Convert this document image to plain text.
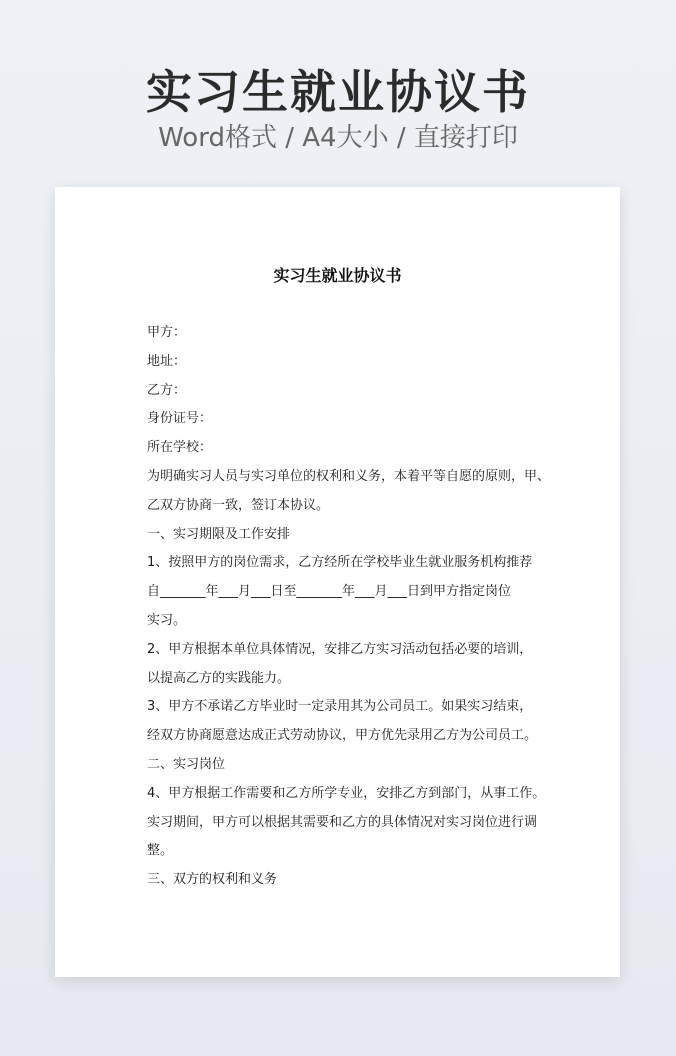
实习生就业协议书
Word格式 / A4大小 / 直接打印
实习生就业协议书
甲方：
地址：
乙方：
身份证号：
所在学校：
为明确实习人员与实习单位的权利和义务，本着平等自愿的原则，甲、
乙双方协商一致，签订本协议。
一、实习期限及工作安排
1、按照甲方的岗位需求，乙方经所在学校毕业生就业服务机构推荐
自_______年___月___日至_______年___月___日到甲方指定岗位
实习。
2、甲方根据本单位具体情况，安排乙方实习活动包括必要的培训，
以提高乙方的实践能力。
3、甲方不承诺乙方毕业时一定录用其为公司员工。如果实习结束，
经双方协商愿意达成正式劳动协议，甲方优先录用乙方为公司员工。
二、实习岗位
4、甲方根据工作需要和乙方所学专业，安排乙方到部门，从事工作。
实习期间，甲方可以根据其需要和乙方的具体情况对实习岗位进行调
整。
三、双方的权利和义务
